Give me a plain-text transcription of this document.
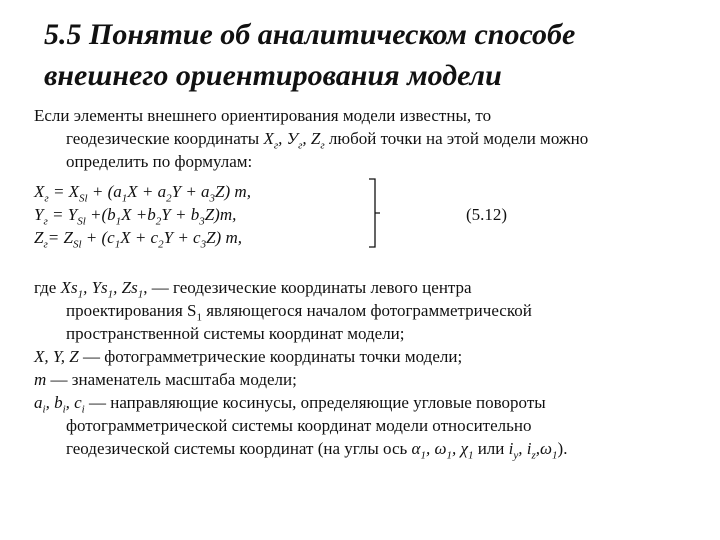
5.5 Понятие об аналитическом способе
внешнего ориентирования модели
Если элементы внешнего ориентирования модели известны, то
геодезические координаты $X_г$, $У_г$, $Z_г$ любой точки на этой модели можно
определить по формулам:
$X_г = X_{Sl} + (a_1X + a_2Y + a_3Z)$ m,
$Y_г = Y_{Sl} +(b_1X +b_2Y + b_3Z)m$,
$Z_г= Z_{Sl} + (c_1X + c_2Y + c_3Z)$ m,
(5.12)
где $Xs_1$, $Ys_1$, $Zs_1$, — геодезические координаты левого центра
проектирования $S_1$ являющегося началом фотограмметрической
пространственной системы координат модели;
X, Y, Z — фотограмметрические координаты точки модели;
m — знаменатель масштаба модели;
$a_i$, $b_i$, $c_i$ — направляющие косинусы, определяющие угловые повороты
фотограмметрической системы координат модели относительно
геодезической системы координат (на углы ось $\alpha_1$, $\omega_1$, $\chi_1$ или $i_y$, $i_z,\omega_1$).
